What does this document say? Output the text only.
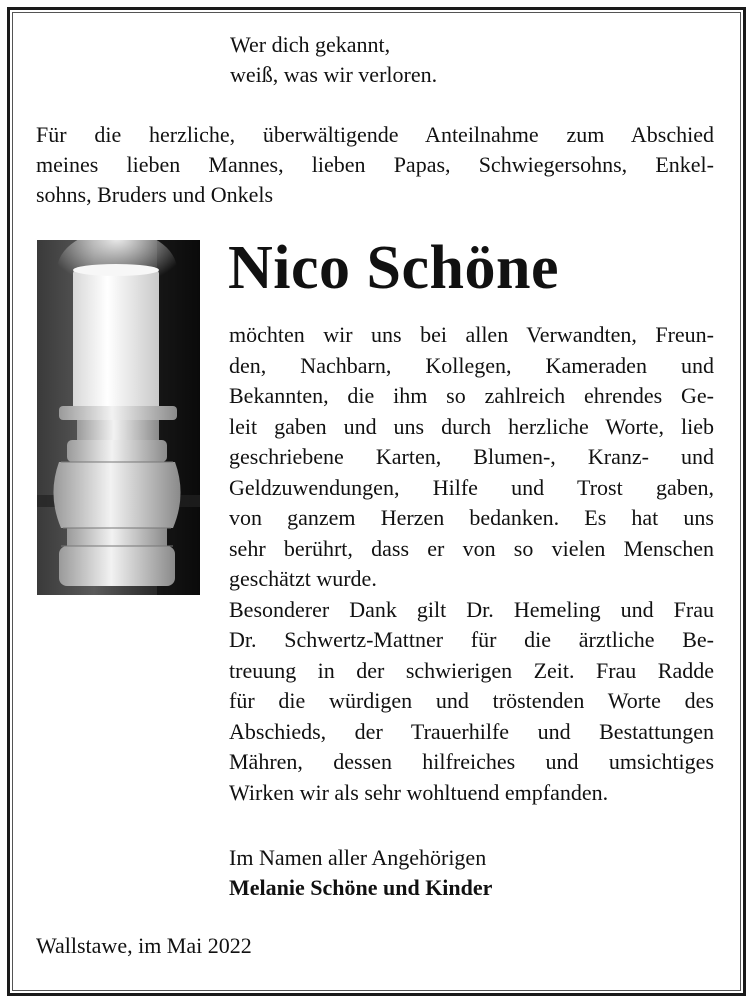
Wer dich gekannt,
weiß, was wir verloren.
Für die herzliche, überwältigende Anteilnahme zum Abschied
meines lieben Mannes, lieben Papas, Schwiegersohns, Enkel-
sohns, Bruders und Onkels
Nico Schöne
möchten wir uns bei allen Verwandten, Freun-
den, Nachbarn, Kollegen, Kameraden und
Bekannten, die ihm so zahlreich ehrendes Ge-
leit gaben und uns durch herzliche Worte, lieb
geschriebene Karten, Blumen-, Kranz- und
Geldzuwendungen, Hilfe und Trost gaben,
von ganzem Herzen bedanken. Es hat uns
sehr berührt, dass er von so vielen Menschen
geschätzt wurde.
Besonderer Dank gilt Dr. Hemeling und Frau
Dr. Schwertz-Mattner für die ärztliche Be-
treuung in der schwierigen Zeit. Frau Radde
für die würdigen und tröstenden Worte des
Abschieds, der Trauerhilfe und Bestattungen
Mähren, dessen hilfreiches und umsichtiges
Wirken wir als sehr wohltuend empfanden.
Im Namen aller Angehörigen
Melanie Schöne und Kinder
Wallstawe, im Mai 2022
